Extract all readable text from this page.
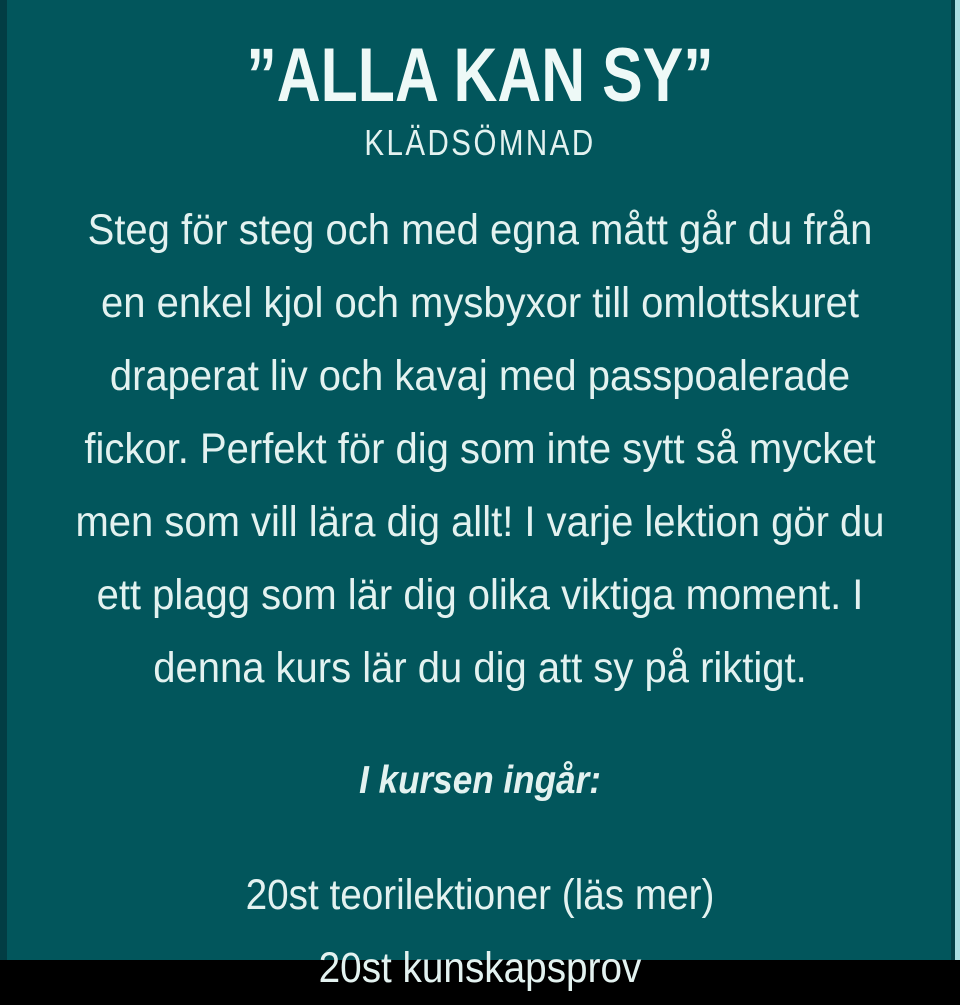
”ALLA KAN SY”
KLÄDSÖMNAD
Steg för steg och med egna mått går du från
en enkel kjol och mysbyxor till omlottskuret
draperat liv och kavaj med passpoalerade
fickor. Perfekt för dig som inte sytt så mycket
men som vill lära dig allt! I varje lektion gör du
ett plagg som lär dig olika viktiga moment. I
denna kurs lär du dig att sy på riktigt.
I kursen ingår:
20st teorilektioner (läs mer)
20st kunskapsprov
